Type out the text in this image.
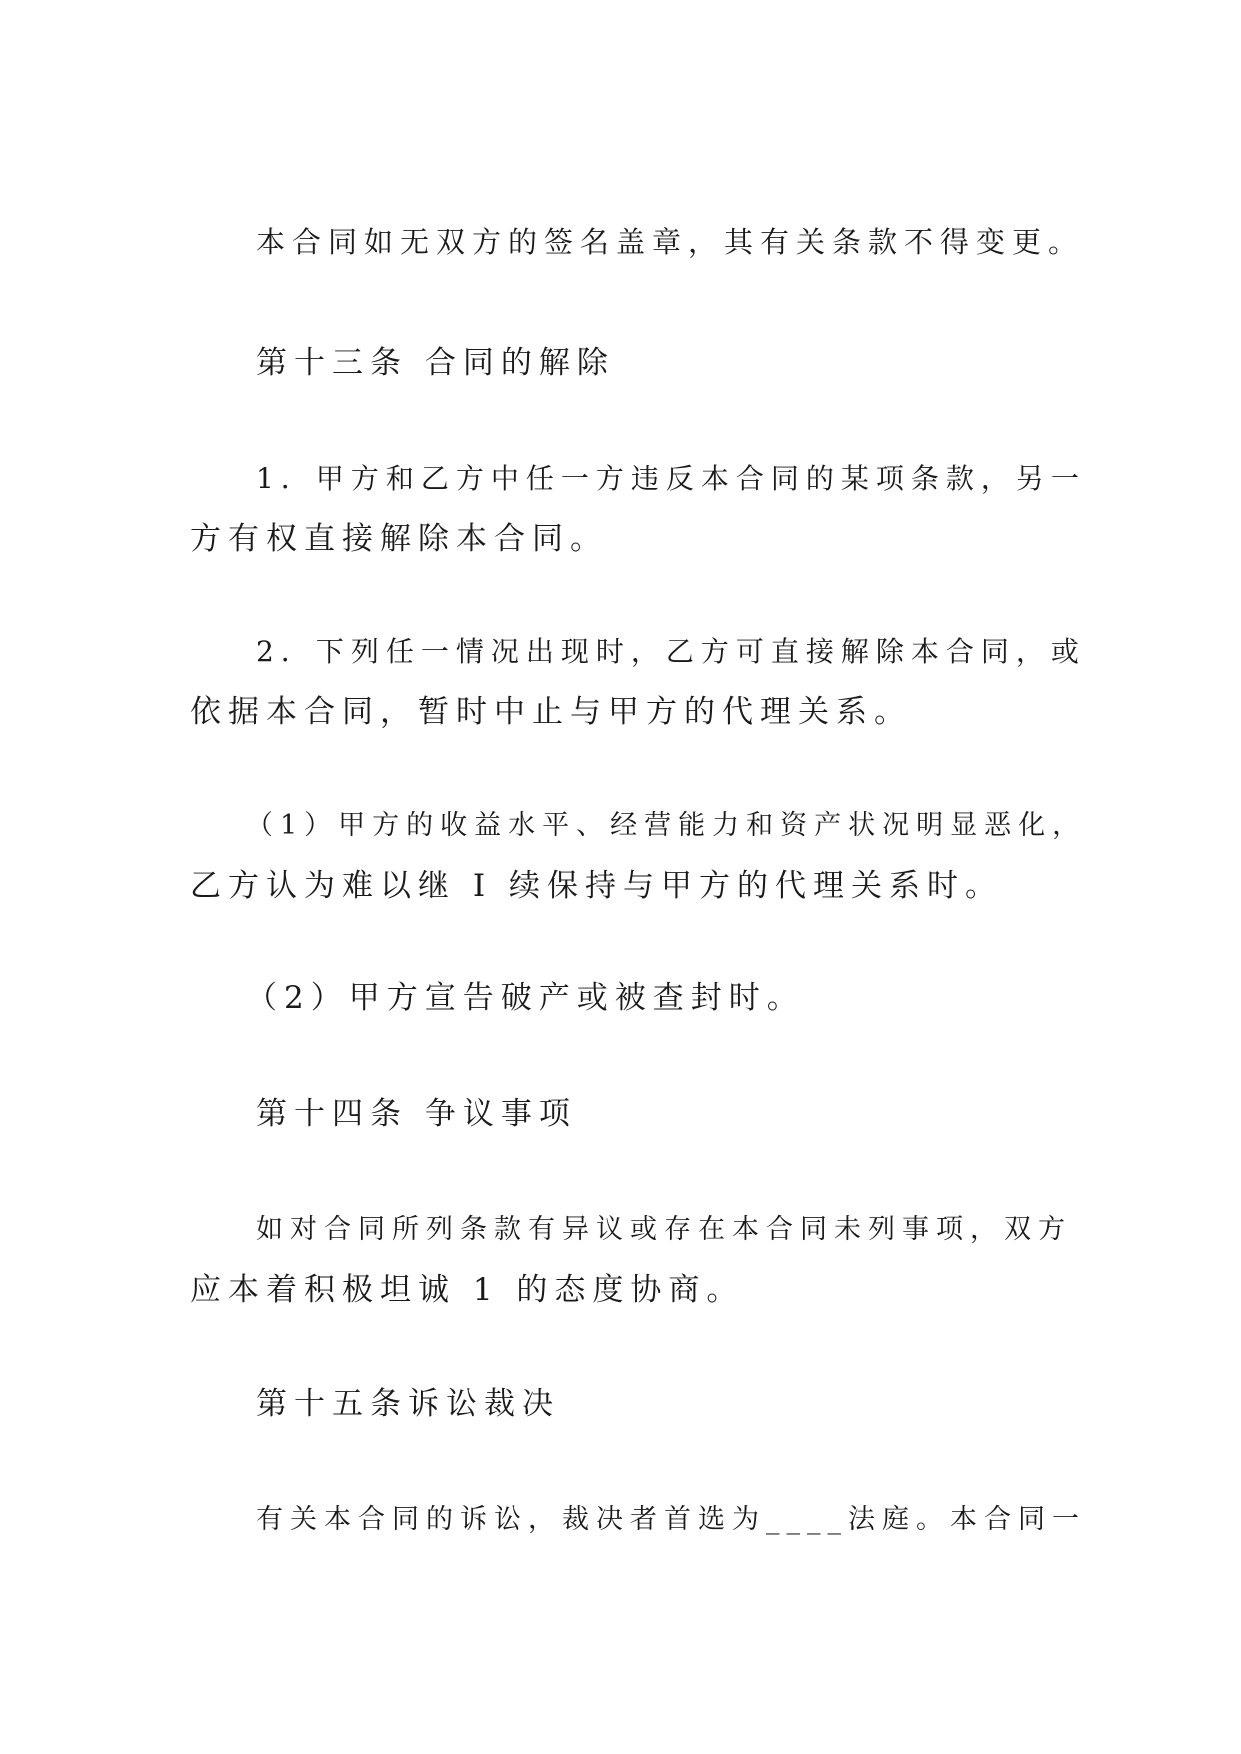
本合同如无双方的签名盖章，其有关条款不得变更。
第十三条 合同的解除
1．甲方和乙方中任一方违反本合同的某项条款，另一
方有权直接解除本合同。
2．下列任一情况出现时，乙方可直接解除本合同，或
依据本合同，暂时中止与甲方的代理关系。
（1）甲方的收益水平、经营能力和资产状况明显恶化，
乙方认为难以继 I 续保持与甲方的代理关系时。
（2）甲方宣告破产或被查封时。
第十四条 争议事项
如对合同所列条款有异议或存在本合同未列事项，双方
应本着积极坦诚 1 的态度协商。
第十五条诉讼裁决
有关本合同的诉讼，裁决者首选为____法庭。本合同一
